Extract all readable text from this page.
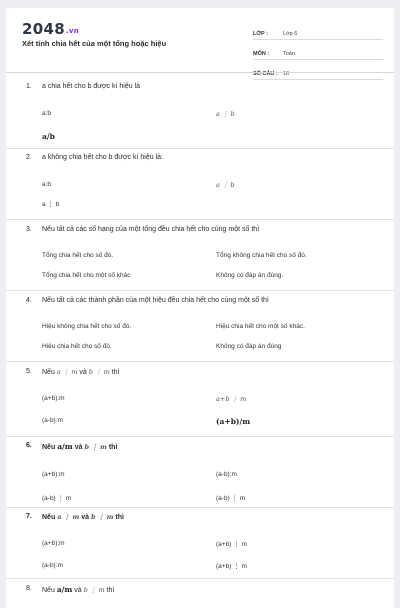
2048.vn
Xét tính chia hết của một tổng hoặc hiệu
LỚP :	Lớp 6
MÔN :	Toán
SỐ CÂU : 16
1.	a chia hết cho b được kí hiệu là
a:b	a ⋮ b
a/b
2.	a không chia hết cho b được kí hiệu là:
a:b	a ⋮ b
a ⋮ b
3.	Nếu tất cả các số hạng của một tổng đều chia hết cho cùng một số thì
Tổng chia hết cho số đó.	Tổng không chia hết cho số đó.
Tổng chia hết cho một số khác	Không có đáp án đúng.
4.	Nếu tất cả các thành phần của một hiệu đều chia hết cho cùng một số thì
Hiệu không chia hết cho số đó.	Hiệu chia hết cho một số khác.
Hiệu chia hết cho số đó.	Không có đáp án đúng
5.	Nếu a ⋮ m và b ⋮ m thì
(a+b):m	a+b ⋮ m
(a-b):m	(a+b)/m
6.	Nếu a/m và b ⋮ m thì
(a+b):m	(a-b):m
(a-b) ⋮ m	(a-b) ⋮ m
7.	Nếu a ⋮ m và b ⋮ m thì
(a+b):m	(a+b) ⋮ m
(a-b):m	(a+b) ⋮ m
8.	Nếu a/m và b ⋮ m thì
